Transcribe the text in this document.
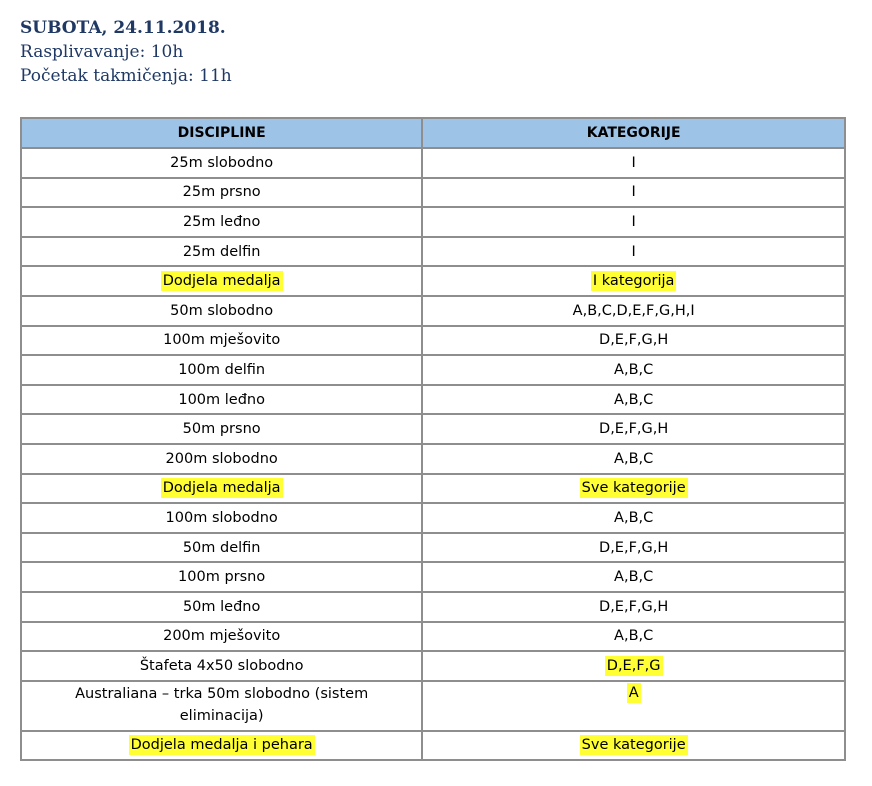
SUBOTA, 24.11.2018.
Rasplivavanje: 10h
Početak takmičenja: 11h
DISCIPLINE	KATEGORIJE
25m slobodno	I
25m prsno	I
25m leđno	I
25m delfin	I
Dodjela medalja	I kategorija
50m slobodno	A,B,C,D,E,F,G,H,I
100m mješovito	D,E,F,G,H
100m delfin	A,B,C
100m leđno	A,B,C
50m prsno	D,E,F,G,H
200m slobodno	A,B,C
Dodjela medalja	Sve kategorije
100m slobodno	A,B,C
50m delfin	D,E,F,G,H
100m prsno	A,B,C
50m leđno	D,E,F,G,H
200m mješovito	A,B,C
Štafeta 4x50 slobodno	D,E,F,G
Australiana – trka 50m slobodno (sistem eliminacija)	A
Dodjela medalja i pehara	Sve kategorije
